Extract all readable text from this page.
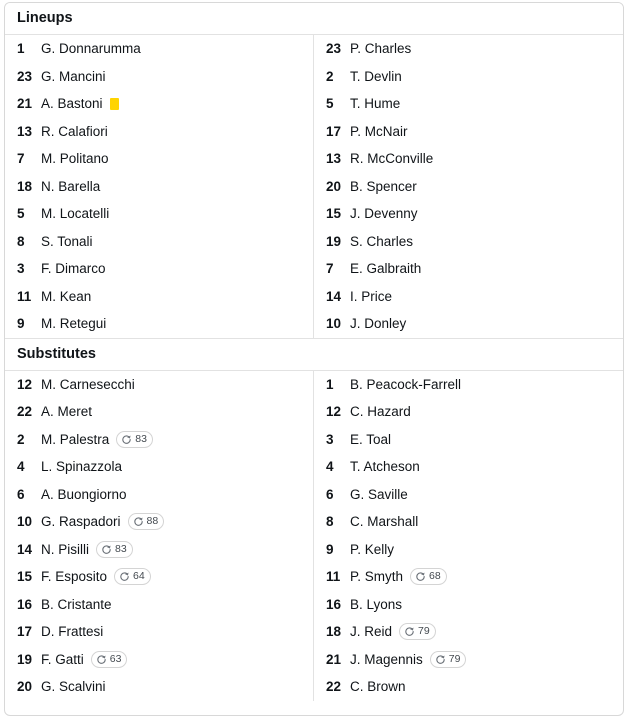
Lineups
1	G. Donnarumma
23 G. Mancini
21 A. Bastoni
13 R. Calafiori
7	M. Politano
18 N. Barella
5	M. Locatelli
8	S. Tonali
3	F. Dimarco
11 M. Kean
9	M. Retegui
23 P. Charles
2	T. Devlin
5	T. Hume
17 P. McNair
13 R. McConville
20 B. Spencer
15 J. Devenny
19 S. Charles
7	E. Galbraith
14 I. Price
10 J. Donley
Substitutes
12 M. Carnesecchi
22 A. Meret
2	M. Palestra 83
4	L. Spinazzola
6	A. Buongiorno
10 G. Raspadori 88
14 N. Pisilli 83
15 F. Esposito 64
16 B. Cristante
17 D. Frattesi
19 F. Gatti 63
20 G. Scalvini
1	B. Peacock-Farrell
12 C. Hazard
3	E. Toal
4	T. Atcheson
6	G. Saville
8	C. Marshall
9	P. Kelly
11 P. Smyth 68
16 B. Lyons
18 J. Reid 79
21 J. Magennis 79
22 C. Brown
